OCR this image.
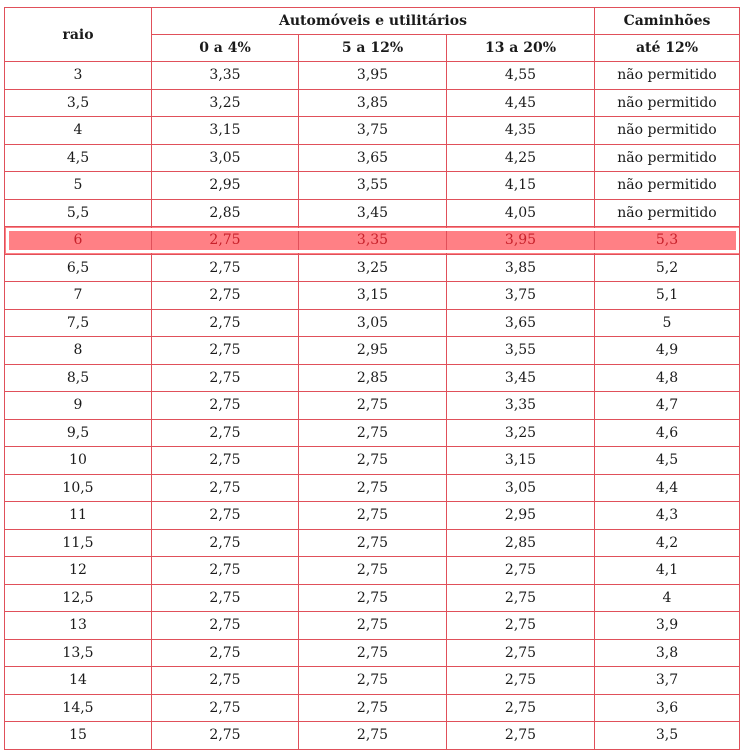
raio	Automóveis e utilitários			Caminhões
	0 a 4%	5 a 12%	13 a 20%	até 12%
3	3,35	3,95	4,55	não permitido
3,5	3,25	3,85	4,45	não permitido
4	3,15	3,75	4,35	não permitido
4,5	3,05	3,65	4,25	não permitido
5	2,95	3,55	4,15	não permitido
5,5	2,85	3,45	4,05	não permitido
6	2,75	3,35	3,95	5,3
6,5	2,75	3,25	3,85	5,2
7	2,75	3,15	3,75	5,1
7,5	2,75	3,05	3,65	5
8	2,75	2,95	3,55	4,9
8,5	2,75	2,85	3,45	4,8
9	2,75	2,75	3,35	4,7
9,5	2,75	2,75	3,25	4,6
10	2,75	2,75	3,15	4,5
10,5	2,75	2,75	3,05	4,4
11	2,75	2,75	2,95	4,3
11,5	2,75	2,75	2,85	4,2
12	2,75	2,75	2,75	4,1
12,5	2,75	2,75	2,75	4
13	2,75	2,75	2,75	3,9
13,5	2,75	2,75	2,75	3,8
14	2,75	2,75	2,75	3,7
14,5	2,75	2,75	2,75	3,6
15	2,75	2,75	2,75	3,5
